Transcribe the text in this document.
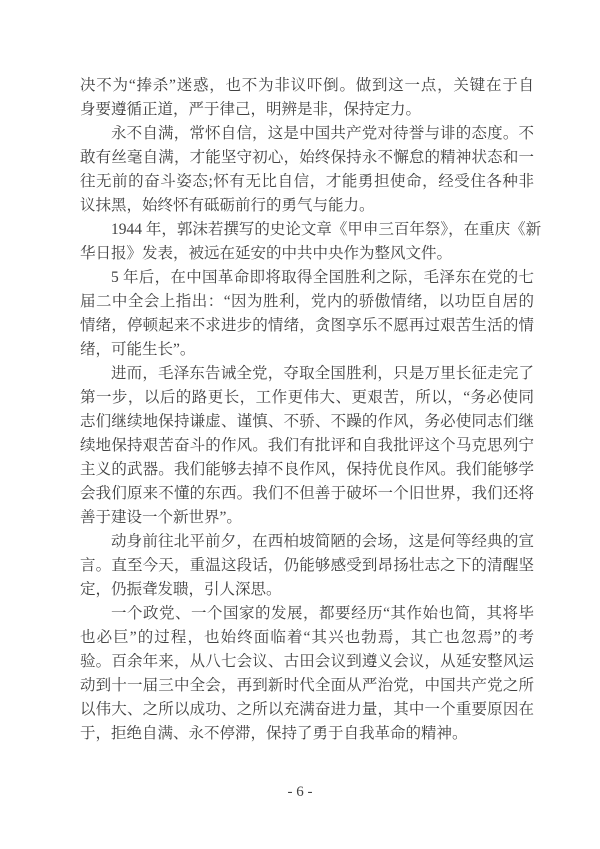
决不为“捧杀”迷惑，也不为非议吓倒。做到这一点，关键在于自
身要遵循正道，严于律己，明辨是非，保持定力。
永不自满，常怀自信，这是中国共产党对待誉与诽的态度。不
敢有丝毫自满，才能坚守初心，始终保持永不懈怠的精神状态和一
往无前的奋斗姿态;怀有无比自信，才能勇担使命，经受住各种非
议抹黑，始终怀有砥砺前行的勇气与能力。
1944 年，郭沫若撰写的史论文章《甲申三百年祭》，在重庆《新
华日报》发表，被远在延安的中共中央作为整风文件。
5 年后，在中国革命即将取得全国胜利之际，毛泽东在党的七
届二中全会上指出：“因为胜利，党内的骄傲情绪，以功臣自居的
情绪，停顿起来不求进步的情绪，贪图享乐不愿再过艰苦生活的情
绪，可能生长”。
进而，毛泽东告诫全党，夺取全国胜利，只是万里长征走完了
第一步，以后的路更长，工作更伟大、更艰苦，所以，“务必使同
志们继续地保持谦虚、谨慎、不骄、不躁的作风，务必使同志们继
续地保持艰苦奋斗的作风。我们有批评和自我批评这个马克思列宁
主义的武器。我们能够去掉不良作风，保持优良作风。我们能够学
会我们原来不懂的东西。我们不但善于破坏一个旧世界，我们还将
善于建设一个新世界”。
动身前往北平前夕，在西柏坡简陋的会场，这是何等经典的宣
言。直至今天，重温这段话，仍能够感受到昂扬壮志之下的清醒坚
定，仍振聋发聩，引人深思。
一个政党、一个国家的发展，都要经历“其作始也简，其将毕
也必巨”的过程，也始终面临着“其兴也勃焉，其亡也忽焉”的考
验。百余年来，从八七会议、古田会议到遵义会议，从延安整风运
动到十一届三中全会，再到新时代全面从严治党，中国共产党之所
以伟大、之所以成功、之所以充满奋进力量，其中一个重要原因在
于，拒绝自满、永不停滞，保持了勇于自我革命的精神。
- 6 -
